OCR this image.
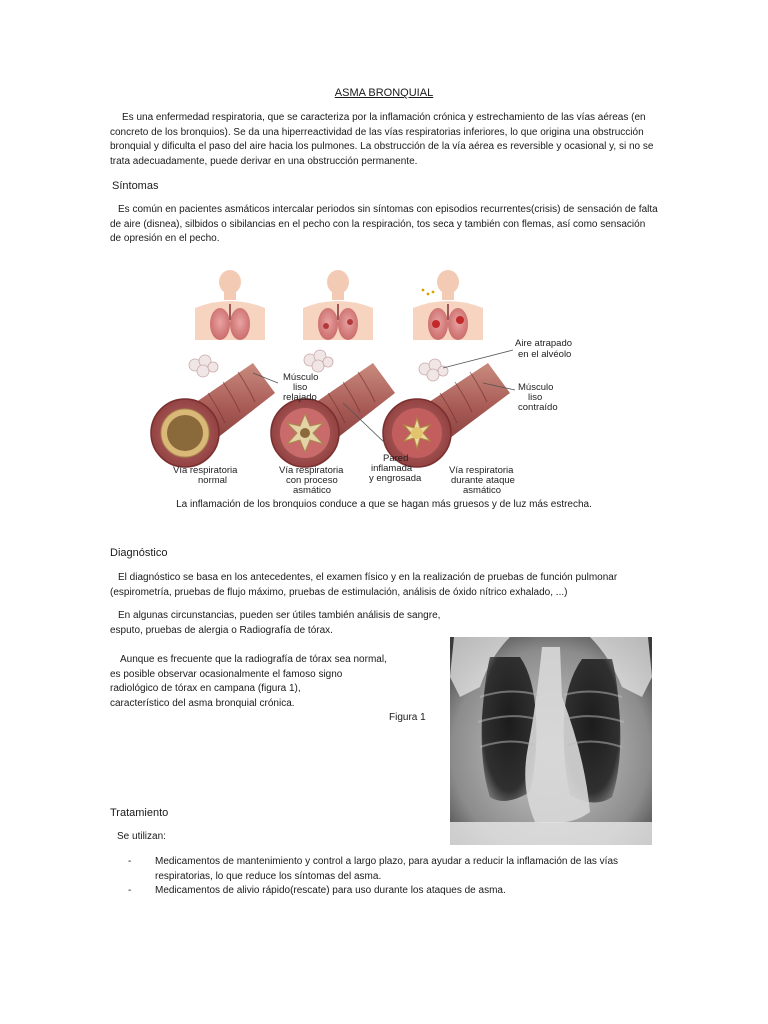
ASMA BRONQUIAL
Es una enfermedad respiratoria, que se caracteriza por la inflamación crónica y estrechamiento de las vías aéreas (en concreto de los bronquios). Se da una hiperreactividad de las vías respiratorias inferiores, lo que origina una obstrucción bronquial y dificulta el paso del aire hacia los pulmones. La obstrucción de la vía aérea es reversible y ocasional y, si no se trata adecuadamente, puede derivar en una obstrucción permanente.
Síntomas
Es común en pacientes asmáticos intercalar periodos sin síntomas con episodios recurrentes(crisis) de sensación de falta de aire (disnea), silbidos o sibilancias en el pecho con la respiración, tos seca y también con flemas, así como sensación de opresión en el pecho.
Aire atrapado
en el alvéolo
Músculo
liso
relajado
Músculo
liso
contraído
Pared
inflamada
y engrosada
Vía respiratoria
normal
Vía respiratoria
con proceso
asmático
Vía respiratoria
durante ataque
asmático
La inflamación de los bronquios conduce a que se hagan más gruesos y de luz más estrecha.
Diagnóstico
El diagnóstico se basa en los antecedentes, el examen físico y en la realización de pruebas de función pulmonar (espirometría, pruebas de flujo máximo, pruebas de estimulación, análisis de óxido nítrico exhalado, ...)
En algunas circunstancias, pueden ser útiles también análisis de sangre,
esputo, pruebas de alergia o Radiografía de tórax.
Aunque es frecuente que la radiografía de tórax sea normal,
es posible observar ocasionalmente el famoso signo
radiológico de tórax en campana (figura 1),
característico del asma bronquial crónica.
Figura 1
Tratamiento
Se utilizan:
-	Medicamentos de mantenimiento y control a largo plazo, para ayudar a reducir la inflamación de las vías
respiratorias, lo que reduce los síntomas del asma.
-	Medicamentos de alivio rápido(rescate) para uso durante los ataques de asma.
